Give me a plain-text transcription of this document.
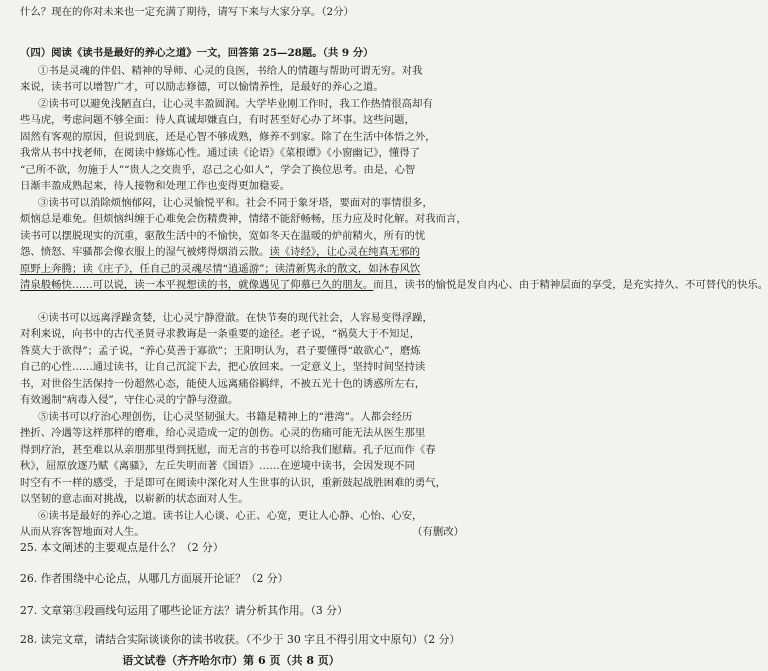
什么？现在的你对未来也一定充满了期待，请写下来与大家分享。（2分）
（四）阅读《读书是最好的养心之道》一文，回答第 25—28题。（共 9 分）
①书是灵魂的伴侣、精神的导师、心灵的良医，书给人的情趣与帮助可谓无穷。对我
来说，读书可以增智广才，可以励志修德，可以愉情养性，是最好的养心之道。
②读书可以避免浅陋直白，让心灵丰盈圆润。大学毕业刚工作时，我工作热情很高却有
些马虎，考虑问题不够全面：待人真诚却嫌直白，有时甚至好心办了坏事。这些问题，
固然有客观的原因，但说到底，还是心智不够成熟，修养不到家。除了在生活中体悟之外，
我常从书中找老师，在阅读中修炼心性。通过读《论语》《菜根谭》《小窗幽记》，懂得了
“己所不欲，勿施于人”“贵人之交贵乎，忍己之心如人”，学会了换位思考。由是，心智
日渐丰盈成熟起来，待人接物和处理工作也变得更加稳妥。
③读书可以消除烦恼郁闷，让心灵愉悦平和。社会不同于象牙塔，要面对的事情很多，
烦恼总是难免。但烦恼纠缠于心难免会伤精费神，情绪不能舒畅畅，压力应及时化解。对我而言，
读书可以摆脱现实的沉重，驱散生活中的不愉快，宽如冬天在温暖的炉前精火，所有的忧
怨、愤怒、牢骚都会像衣服上的湿气被烤得烟消云散。读《诗经》，让心灵在纯真无邪的
原野上奔腾；读《庄子》，任自己的灵魂尽情“逍遥游”；读清新隽永的散文，如沐春风饮
清泉般畅快……可以说，读一本平视想读的书，就像遇见了仰慕已久的朋友。而且，读书的愉悦是发自内心、由于精神层面的享受，是充实持久、不可替代的快乐。
④读书可以远离浮躁贪婪，让心灵宁静澄澈。在快节奏的现代社会，人容易变得浮躁，
对利来说，向书中的古代圣贤寻求教诲是一条重要的途径。老子说，“祸莫大于不知足，
咎莫大于欲得”；孟子说，“养心莫善于寡欲”；王阳明认为，君子要懂得“敢欲心”，磨炼
自己的心性……通过读书，让自己沉淀下去，把心放回来。一定意义上，坚持时间坚持读
书，对世俗生活保持一份超然心态，能使人远离痛俗羁绊，不被五光十色的诱惑所左右，
有效遏制“病毒入侵”，守住心灵的宁静与澄澈。
⑤读书可以疗治心理创伤，让心灵坚韧强大。书籍是精神上的“港湾”。人都会经历
挫折、冷遇等这样那样的磨难，给心灵造成一定的创伤。心灵的伤痛可能无法从医生那里
得到疗治，甚至难以从亲朋那里得到抚慰，而无言的书卷可以给我们慰藉。孔子厄而作《春
秋》，屈原放逐乃赋《离骚》，左丘失明而著《国语》……在逆境中读书，会因发现不同
时空有不一样的感受，于是即可在阅读中深化对人生世事的认识，重新鼓起战胜困难的勇气，
以坚韧的意志面对挑战，以崭新的状态面对人生。
⑥读书是最好的养心之道。读书让人心谈、心正、心宽，更让人心静、心怡、心安，
从而从容客智地面对人生。	（有删改）
25. 本文阐述的主要观点是什么？（2 分）
26. 作者围绕中心论点，从哪几方面展开论证？（2 分）
27. 文章第③段画线句运用了哪些论证方法？请分析其作用。（3 分）
28. 读完文章，请结合实际谈谈你的读书收获。（不少于 30 字且不得引用文中原句）（2 分）
语文试卷（齐齐哈尔市）第 6 页（共 8 页）
